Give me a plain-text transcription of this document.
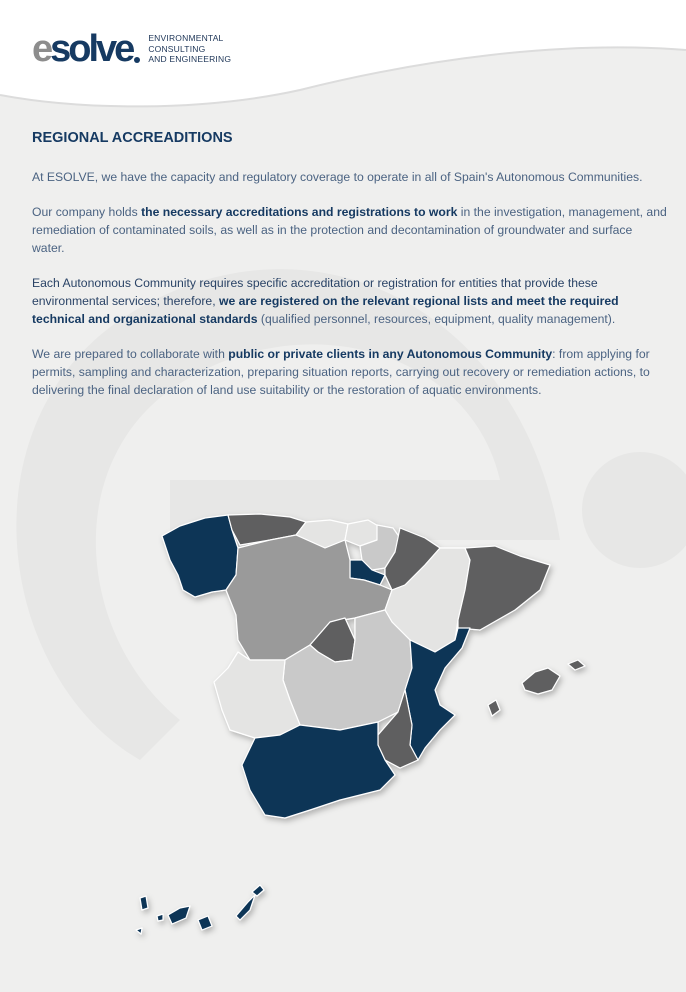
esolve ENVIRONMENTAL
CONSULTING
AND ENGINEERING
REGIONAL ACCREADITIONS

At ESOLVE, we have the capacity and regulatory coverage to operate in all of Spain's Autonomous Communities.

Our company holds the necessary accreditations and registrations to work in the investigation, management, and remediation of contaminated soils, as well as in the protection and decontamination of groundwater and surface water.

Each Autonomous Community requires specific accreditation or registration for entities that provide these environmental services; therefore, we are registered on the relevant regional lists and meet the required technical and organizational standards (qualified personnel, resources, equipment, quality management).

We are prepared to collaborate with public or private clients in any Autonomous Community: from applying for permits, sampling and characterization, preparing situation reports, carrying out recovery or remediation actions, to delivering the final declaration of land use suitability or the restoration of aquatic environments.
